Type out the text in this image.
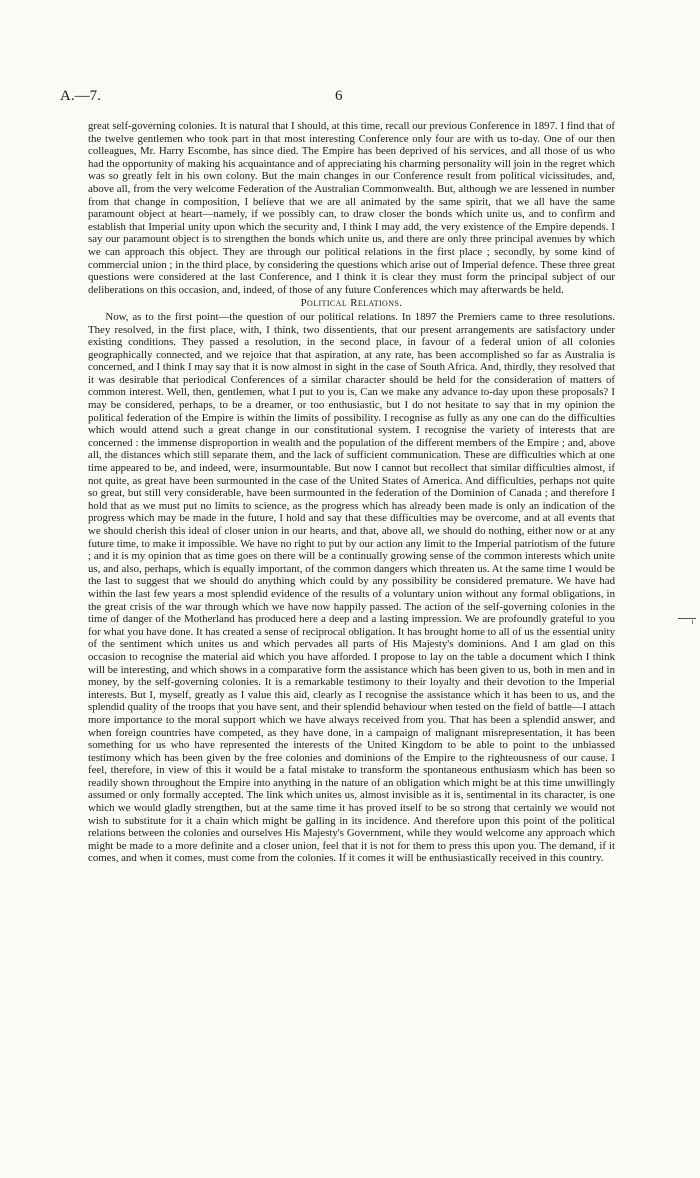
A.—7.	6

great self-governing colonies. It is natural that I should, at this time, recall our previous Conference in 1897. I find that of the twelve gentlemen who took part in that most interesting Conference only four are with us to-day. One of our then colleagues, Mr. Harry Escombe, has since died. The Empire has been deprived of his services, and all those of us who had the opportunity of making his acquaintance and of appreciating his charming personality will join in the regret which was so greatly felt in his own colony. But the main changes in our Conference result from political vicissitudes, and, above all, from the very welcome Federation of the Australian Commonwealth. But, although we are lessened in number from that change in composition, I believe that we are all animated by the same spirit, that we all have the same paramount object at heart—namely, if we possibly can, to draw closer the bonds which unite us, and to confirm and establish that Imperial unity upon which the security and, I think I may add, the very existence of the Empire depends. I say our paramount object is to strengthen the bonds which unite us, and there are only three principal avenues by which we can approach this object. They are through our political relations in the first place ; secondly, by some kind of commercial union ; in the third place, by considering the questions which arise out of Imperial defence. These three great questions were considered at the last Conference, and I think it is clear they must form the principal subject of our deliberations on this occasion, and, indeed, of those of any future Conferences which may afterwards be held.

Political Relations.

Now, as to the first point—the question of our political relations. In 1897 the Premiers came to three resolutions. They resolved, in the first place, with, I think, two dissentients, that our present arrangements are satisfactory under existing conditions. They passed a resolution, in the second place, in favour of a federal union of all colonies geographically connected, and we rejoice that that aspiration, at any rate, has been accomplished so far as Australia is concerned, and I think I may say that it is now almost in sight in the case of South Africa. And, thirdly, they resolved that it was desirable that periodical Conferences of a similar character should be held for the consideration of matters of common interest. Well, then, gentlemen, what I put to you is, Can we make any advance to-day upon these proposals? I may be considered, perhaps, to be a dreamer, or too enthusiastic, but I do not hesitate to say that in my opinion the political federation of the Empire is within the limits of possibility. I recognise as fully as any one can do the difficulties which would attend such a great change in our constitutional system. I recognise the variety of interests that are concerned : the immense disproportion in wealth and the population of the different members of the Empire ; and, above all, the distances which still separate them, and the lack of sufficient communication. These are difficulties which at one time appeared to be, and indeed, were, insurmountable. But now I cannot but recollect that similar difficulties almost, if not quite, as great have been surmounted in the case of the United States of America. And difficulties, perhaps not quite so great, but still very considerable, have been surmounted in the federation of the Dominion of Canada ; and therefore I hold that as we must put no limits to science, as the progress which has already been made is only an indication of the progress which may be made in the future, I hold and say that these difficulties may be overcome, and at all events that we should cherish this ideal of closer union in our hearts, and that, above all, we should do nothing, either now or at any future time, to make it impossible. We have no right to put by our action any limit to the Imperial patriotism of the future ; and it is my opinion that as time goes on there will be a continually growing sense of the common interests which unite us, and also, perhaps, which is equally important, of the common dangers which threaten us. At the same time I would be the last to suggest that we should do anything which could by any possibility be considered premature. We have had within the last few years a most splendid evidence of the results of a voluntary union without any formal obligations, in the great crisis of the war through which we have now happily passed. The action of the self-governing colonies in the time of danger of the Motherland has produced here a deep and a lasting impression. We are profoundly grateful to you for what you have done. It has created a sense of reciprocal obligation. It has brought home to all of us the essential unity of the sentiment which unites us and which pervades all parts of His Majesty's dominions. And I am glad on this occasion to recognise the material aid which you have afforded. I propose to lay on the table a document which I think will be interesting, and which shows in a comparative form the assistance which has been given to us, both in men and in money, by the self-governing colonies. It is a remarkable testimony to their loyalty and their devotion to the Imperial interests. But I, myself, greatly as I value this aid, clearly as I recognise the assistance which it has been to us, and the splendid quality of the troops that you have sent, and their splendid behaviour when tested on the field of battle—I attach more importance to the moral support which we have always received from you. That has been a splendid answer, and when foreign countries have competed, as they have done, in a campaign of malignant misrepresentation, it has been something for us who have represented the interests of the United Kingdom to be able to point to the unbiassed testimony which has been given by the free colonies and dominions of the Empire to the righteousness of our cause. I feel, therefore, in view of this it would be a fatal mistake to transform the spontaneous enthusiasm which has been so readily shown throughout the Empire into anything in the nature of an obligation which might be at this time unwillingly assumed or only formally accepted. The link which unites us, almost invisible as it is, sentimental in its character, is one which we would gladly strengthen, but at the same time it has proved itself to be so strong that certainly we would not wish to substitute for it a chain which might be galling in its incidence. And therefore upon this point of the political relations between the colonies and ourselves His Majesty's Government, while they would welcome any approach which might be made to a more definite and a closer union, feel that it is not for them to press this upon you. The demand, if it comes, and when it comes, must come from the colonies. If it comes it will be enthusiastically received in this country.
